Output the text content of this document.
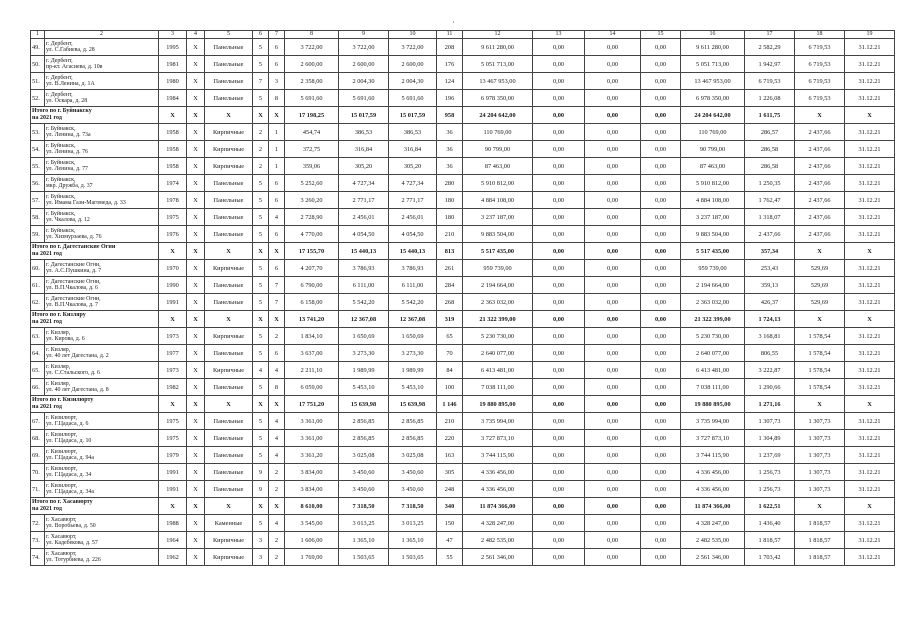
·
1	2	3	4	5	6	7	8	9	10	11	12	13	14	15	16	17	18	19
49.	г. Дербент,
ул. С.Габиева, д. 28	1995	X	Панельные	5	6	3 722,00	3 722,00	3 722,00	208	9 611 280,00	0,00	0,00	0,00	9 611 280,00	2 582,29	6 719,53	31.12.21
50.	г. Дербент,
пр-кт. Агасиева, д. 10в	1981	X	Панельные	5	6	2 600,00	2 600,00	2 600,00	176	5 051 713,00	0,00	0,00	0,00	5 051 713,00	1 942,97	6 719,53	31.12.21
51.	г. Дербент,
ул. В.Ленина, д. 1А	1980	X	Панельные	7	3	2 358,00	2 004,30	2 004,30	124	13 467 953,00	0,00	0,00	0,00	13 467 953,00	6 719,53	6 719,53	31.12.21
52.	г. Дербент,
ул. Оскара, д. 28	1984	X	Панельные	5	8	5 691,60	5 691,60	5 691,60	196	6 978 350,00	0,00	0,00	0,00	6 978 350,00	1 226,08	6 719,53	31.12.21
Итого по г. Буйнакску
на 2021 год		X	X	X	X	X	17 198,25	15 017,59	15 017,59	958	24 204 642,00	0,00	0,00	0,00	24 204 642,00	1 611,75	X	X
53.	г. Буйнакск,
ул. Ленина, д. 73а	1958	X	Кирпичные	2	1	454,74	386,53	386,53	36	110 769,00	0,00	0,00	0,00	110 769,00	286,57	2 437,66	31.12.21
54.	г. Буйнакск,
ул. Ленина, д. 76	1958	X	Кирпичные	2	1	372,75	316,84	316,84	36	90 799,00	0,00	0,00	0,00	90 799,00	286,58	2 437,66	31.12.21
55.	г. Буйнакск,
ул. Ленина, д. 77	1958	X	Кирпичные	2	1	359,06	305,20	305,20	36	87 463,00	0,00	0,00	0,00	87 463,00	286,58	2 437,66	31.12.21
56.	г. Буйнакск,
мкр. Дружба, д. 37	1974	X	Панельные	5	6	5 252,60	4 727,34	4 727,34	280	5 910 812,00	0,00	0,00	0,00	5 910 812,00	1 250,35	2 437,66	31.12.21
57.	г. Буйнакск,
ул. Имама Гази-Магомеда, д. 33	1978	X	Панельные	5	6	3 260,20	2 771,17	2 771,17	180	4 884 108,00	0,00	0,00	0,00	4 884 108,00	1 762,47	2 437,66	31.12.21
58.	г. Буйнакск,
ул. Чкалова, д. 12	1975	X	Панельные	5	4	2 728,90	2 456,01	2 456,01	180	3 237 187,00	0,00	0,00	0,00	3 237 187,00	1 318,07	2 437,66	31.12.21
59.	г. Буйнакск,
ул. Хизмурзаева, д. 76	1976	X	Панельные	5	6	4 770,00	4 054,50	4 054,50	210	9 883 504,00	0,00	0,00	0,00	9 883 504,00	2 437,66	2 437,66	31.12.21
Итого по г. Дагестанские Огни
на 2021 год		X	X	X	X	X	17 155,70	15 440,13	15 440,13	813	5 517 435,00	0,00	0,00	0,00	5 517 435,00	357,34	X	X
60.	г. Дагестанские Огни,
ул. А.С.Пушкина, д. 7	1970	X	Кирпичные	5	6	4 207,70	3 786,93	3 786,93	261	959 739,00	0,00	0,00	0,00	959 739,00	253,43	529,69	31.12.21
61.	г. Дагестанские Огни,
ул. В.П.Чкалова, д. 6	1990	X	Панельные	5	7	6 790,00	6 111,00	6 111,00	284	2 194 664,00	0,00	0,00	0,00	2 194 664,00	359,13	529,69	31.12.21
62.	г. Дагестанские Огни,
ул. В.П.Чкалова, д. 7	1991	X	Панельные	5	7	6 158,00	5 542,20	5 542,20	268	2 363 032,00	0,00	0,00	0,00	2 363 032,00	426,37	529,69	31.12.21
Итого по г. Кизляру
на 2021 год		X	X	X	X	X	13 741,20	12 367,08	12 367,08	319	21 322 399,00	0,00	0,00	0,00	21 322 399,00	1 724,13	X	X
63.	г. Кизляр,
ул. Кирова, д. 6	1973	X	Кирпичные	5	2	1 834,10	1 650,69	1 650,69	65	5 230 730,00	0,00	0,00	0,00	5 230 730,00	3 168,81	1 578,54	31.12.21
64.	г. Кизляр,
ул. 40 лет Дагестана, д. 2	1977	X	Панельные	5	6	3 637,00	3 273,30	3 273,30	70	2 640 077,00	0,00	0,00	0,00	2 640 077,00	806,55	1 578,54	31.12.21
65.	г. Кизляр,
ул. С.Стальского, д. 6	1973	X	Кирпичные	4	4	2 211,10	1 989,99	1 989,99	84	6 413 481,00	0,00	0,00	0,00	6 413 481,00	3 222,87	1 578,54	31.12.21
66.	г. Кизляр,
ул. 40 лет Дагестана, д. 8	1982	X	Панельные	5	8	6 059,00	5 453,10	5 453,10	100	7 038 111,00	0,00	0,00	0,00	7 038 111,00	1 290,66	1 578,54	31.12.21
Итого по г. Кизилюрту
на 2021 год		X	X	X	X	X	17 751,20	15 639,98	15 639,98	1 146	19 880 895,00	0,00	0,00	0,00	19 880 895,00	1 271,16	X	X
67.	г. Кизилюрт,
ул. Г.Цадаса, д. 6	1975	X	Панельные	5	4	3 361,00	2 856,85	2 856,85	210	3 735 994,00	0,00	0,00	0,00	3 735 994,00	1 307,73	1 307,73	31.12.21
68.	г. Кизилюрт,
ул. Г.Цадаса, д. 10	1975	X	Панельные	5	4	3 361,00	2 856,85	2 856,85	220	3 727 873,10	0,00	0,00	0,00	3 727 873,10	1 304,89	1 307,73	31.12.21
69.	г. Кизилюрт,
ул. Г.Цадаса, д. 94а	1979	X	Панельные	5	4	3 361,20	3 025,08	3 025,08	163	3 744 115,90	0,00	0,00	0,00	3 744 115,90	1 237,69	1 307,73	31.12.21
70.	г. Кизилюрт,
ул. Г.Цадаса, д. 34	1991	X	Панельные	9	2	3 834,00	3 450,60	3 450,60	305	4 336 456,00	0,00	0,00	0,00	4 336 456,00	1 256,73	1 307,73	31.12.21
71.	г. Кизилюрт,
ул. Г.Цадаса, д. 34а	1991	X	Панельные	9	2	3 834,00	3 450,60	3 450,60	248	4 336 456,00	0,00	0,00	0,00	4 336 456,00	1 256,73	1 307,73	31.12.21
Итого по г. Хасавюрту
на 2021 год		X	X	X	X	X	8 610,00	7 318,50	7 318,50	340	11 874 366,00	0,00	0,00	0,00	11 874 366,00	1 622,51	X	X
72.	г. Хасавюрт,
ул. Воробьева, д. 50	1988	X	Каменные	5	4	3 545,00	3 013,25	3 013,25	150	4 328 247,00	0,00	0,00	0,00	4 328 247,00	1 436,40	1 818,57	31.12.21
73.	г. Хасавюрт,
ул. Кадебекова, д. 57	1964	X	Кирпичные	3	2	1 606,00	1 365,10	1 365,10	47	2 482 535,00	0,00	0,00	0,00	2 482 535,00	1 818,57	1 818,57	31.12.21
74.	г. Хасавюрт,
ул. Тотурбиева, д. 226	1962	X	Кирпичные	3	2	1 769,00	1 503,65	1 503,65	55	2 561 346,00	0,00	0,00	0,00	2 561 346,00	1 703,42	1 818,57	31.12.21
